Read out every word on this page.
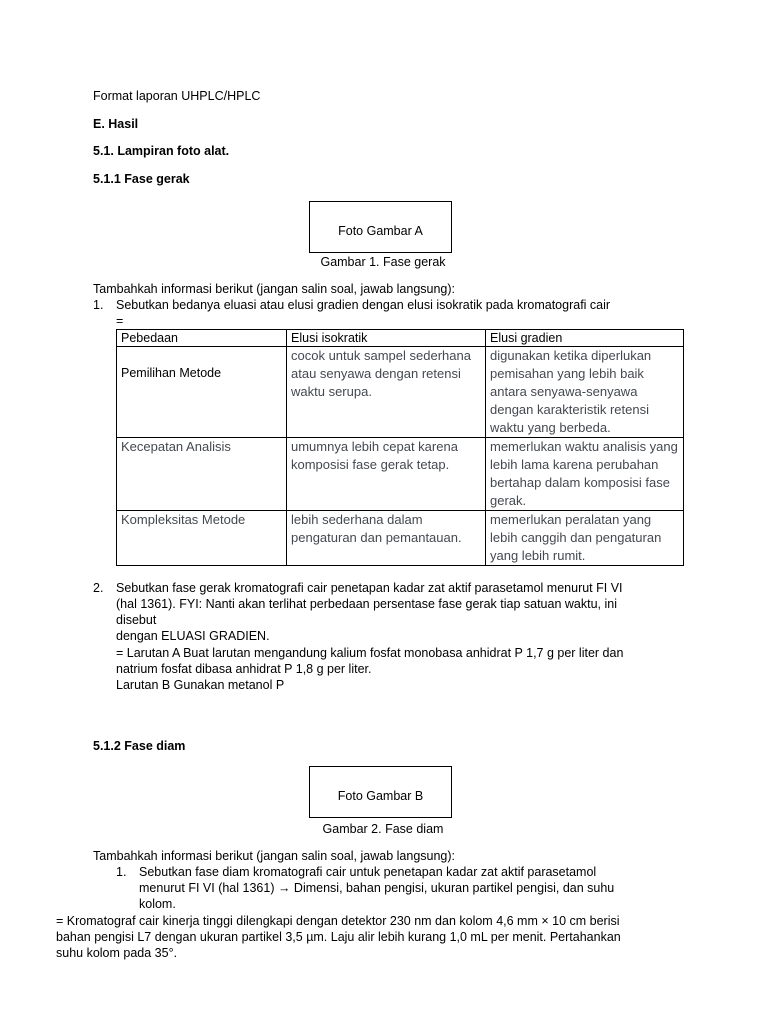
Format laporan UHPLC/HPLC
E. Hasil
5.1. Lampiran foto alat.
5.1.1 Fase gerak
Foto Gambar A
Gambar 1. Fase gerak
Tambahkah informasi berikut (jangan salin soal, jawab langsung):
1. Sebutkan bedanya eluasi atau elusi gradien dengan elusi isokratik pada kromatografi cair
=
Pebedaan	Elusi isokratik	Elusi gradien
Pemilihan Metode	cocok untuk sampel sederhana atau senyawa dengan retensi waktu serupa.	digunakan ketika diperlukan pemisahan yang lebih baik antara senyawa-senyawa dengan karakteristik retensi waktu yang berbeda.
Kecepatan Analisis	umumnya lebih cepat karena komposisi fase gerak tetap.	memerlukan waktu analisis yang lebih lama karena perubahan bertahap dalam komposisi fase gerak.
Kompleksitas Metode	lebih sederhana dalam pengaturan dan pemantauan.	memerlukan peralatan yang lebih canggih dan pengaturan yang lebih rumit.
2. Sebutkan fase gerak kromatografi cair penetapan kadar zat aktif parasetamol menurut FI VI
(hal 1361). FYI: Nanti akan terlihat perbedaan persentase fase gerak tiap satuan waktu, ini
disebut
dengan ELUASI GRADIEN.
= Larutan A Buat larutan mengandung kalium fosfat monobasa anhidrat P 1,7 g per liter dan
natrium fosfat dibasa anhidrat P 1,8 g per liter.
Larutan B Gunakan metanol P
5.1.2 Fase diam
Foto Gambar B
Gambar 2. Fase diam
Tambahkah informasi berikut (jangan salin soal, jawab langsung):
1. Sebutkan fase diam kromatografi cair untuk penetapan kadar zat aktif parasetamol
menurut FI VI (hal 1361) → Dimensi, bahan pengisi, ukuran partikel pengisi, dan suhu
kolom.
= Kromatograf cair kinerja tinggi dilengkapi dengan detektor 230 nm dan kolom 4,6 mm × 10 cm berisi
bahan pengisi L7 dengan ukuran partikel 3,5 µm. Laju alir lebih kurang 1,0 mL per menit. Pertahankan
suhu kolom pada 35°.
